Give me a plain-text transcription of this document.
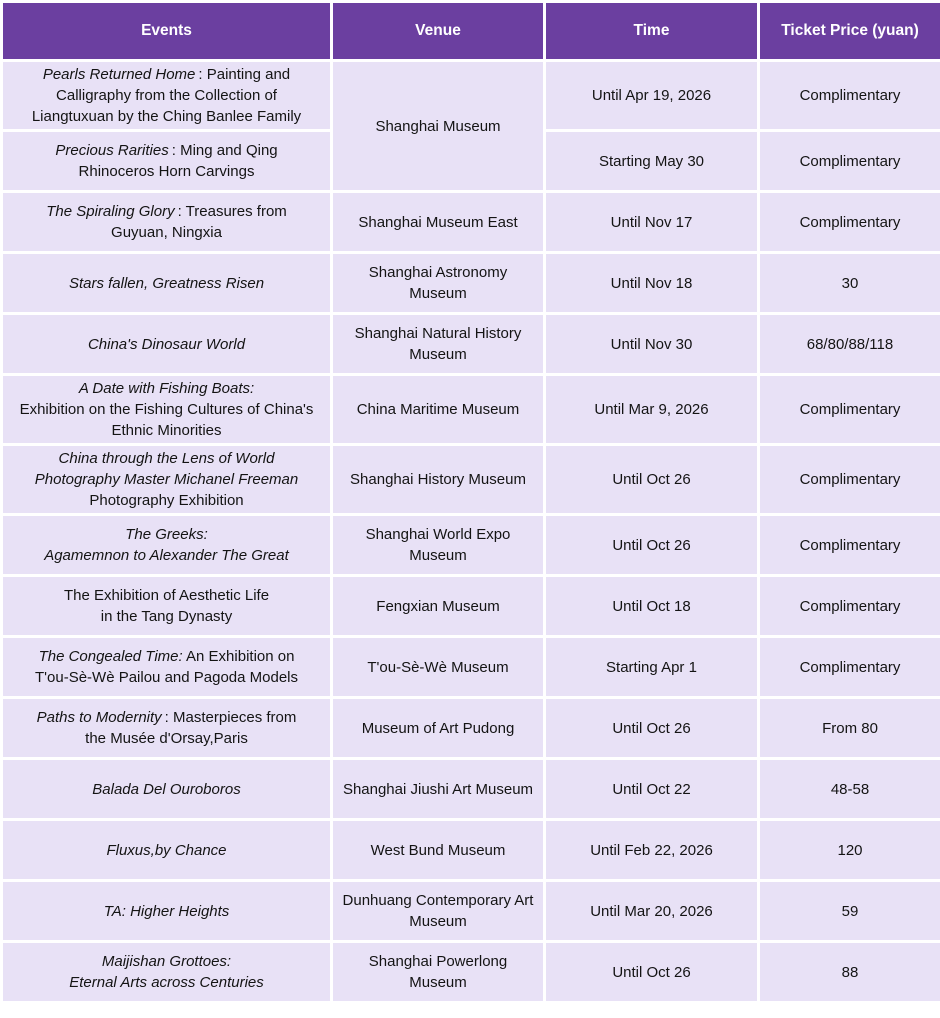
Events	Venue	Time	Ticket Price (yuan)
Pearls Returned Home : Painting and
Calligraphy from the Collection of
Liangtuxuan by the Ching Banlee Family	Shanghai Museum	Until Apr 19, 2026	Complimentary
Precious Rarities : Ming and Qing
Rhinoceros Horn Carvings		Starting May 30	Complimentary
The Spiraling Glory : Treasures from
Guyuan, Ningxia	Shanghai Museum East	Until Nov 17	Complimentary
Stars fallen, Greatness Risen	Shanghai Astronomy Museum	Until Nov 18	30
China's Dinosaur World	Shanghai Natural History Museum	Until Nov 30	68/80/88/118
A Date with Fishing Boats:
Exhibition on the Fishing Cultures of China's
Ethnic Minorities	China Maritime Museum	Until Mar 9, 2026	Complimentary
China through the Lens of World
Photography Master Michanel Freeman
Photography Exhibition	Shanghai History Museum	Until Oct 26	Complimentary
The Greeks:
Agamemnon to Alexander The Great	Shanghai World Expo Museum	Until Oct 26	Complimentary
The Exhibition of Aesthetic Life
in the Tang Dynasty	Fengxian Museum	Until Oct 18	Complimentary
The Congealed Time: An Exhibition on
T'ou-Sè-Wè Pailou and Pagoda Models	T'ou-Sè-Wè Museum	Starting Apr 1	Complimentary
Paths to Modernity : Masterpieces from
the Musée d'Orsay,Paris	Museum of Art Pudong	Until Oct 26	From 80
Balada Del Ouroboros	Shanghai Jiushi Art Museum	Until Oct 22	48-58
Fluxus,by Chance	West Bund Museum	Until Feb 22, 2026	120
TA: Higher Heights	Dunhuang Contemporary Art Museum	Until Mar 20, 2026	59
Maijishan Grottoes:
Eternal Arts across Centuries	Shanghai Powerlong Museum	Until Oct 26	88
